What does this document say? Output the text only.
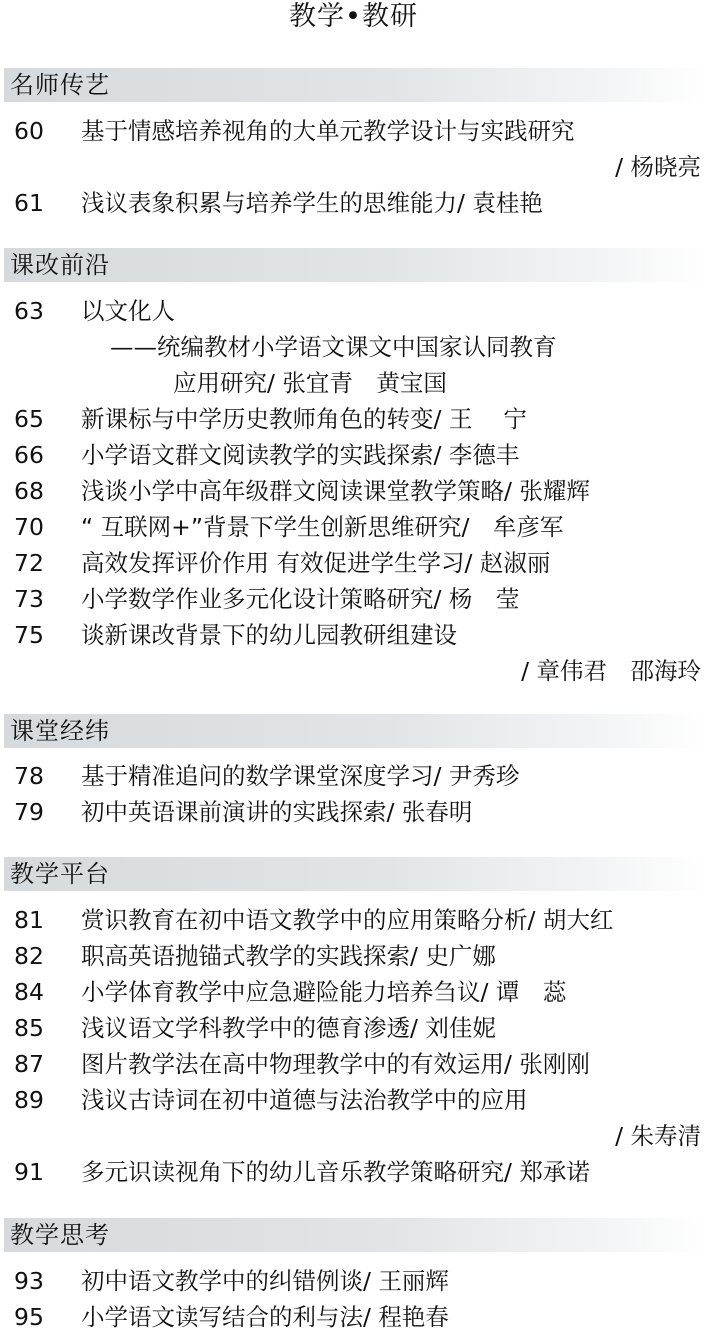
教学•教研
名师传艺
60	基于情感培养视角的大单元教学设计与实践研究
/ 杨晓亮
61	浅议表象积累与培养学生的思维能力/ 袁桂艳
课改前沿
63	以文化人
——统编教材小学语文课文中国家认同教育
应用研究/ 张宜青　黄宝国
65	新课标与中学历史教师角色的转变/ 王　 宁
66	小学语文群文阅读教学的实践探索/ 李德丰
68	浅谈小学中高年级群文阅读课堂教学策略/ 张耀辉
70	“ 互联网+”背景下学生创新思维研究/　牟彦军
72	高效发挥评价作用 有效促进学生学习/ 赵淑丽
73	小学数学作业多元化设计策略研究/ 杨　莹
75	谈新课改背景下的幼儿园教研组建设
/ 章伟君　邵海玲
课堂经纬
78	基于精准追问的数学课堂深度学习/ 尹秀珍
79	初中英语课前演讲的实践探索/ 张春明
教学平台
81	赏识教育在初中语文教学中的应用策略分析/ 胡大红
82	职高英语抛锚式教学的实践探索/ 史广娜
84	小学体育教学中应急避险能力培养刍议/ 谭　蕊
85	浅议语文学科教学中的德育渗透/ 刘佳妮
87	图片教学法在高中物理教学中的有效运用/ 张刚刚
89	浅议古诗词在初中道德与法治教学中的应用
/ 朱寿清
91	多元识读视角下的幼儿音乐教学策略研究/ 郑承诺
教学思考
93	初中语文教学中的纠错例谈/ 王丽辉
95	小学语文读写结合的利与法/ 程艳春
